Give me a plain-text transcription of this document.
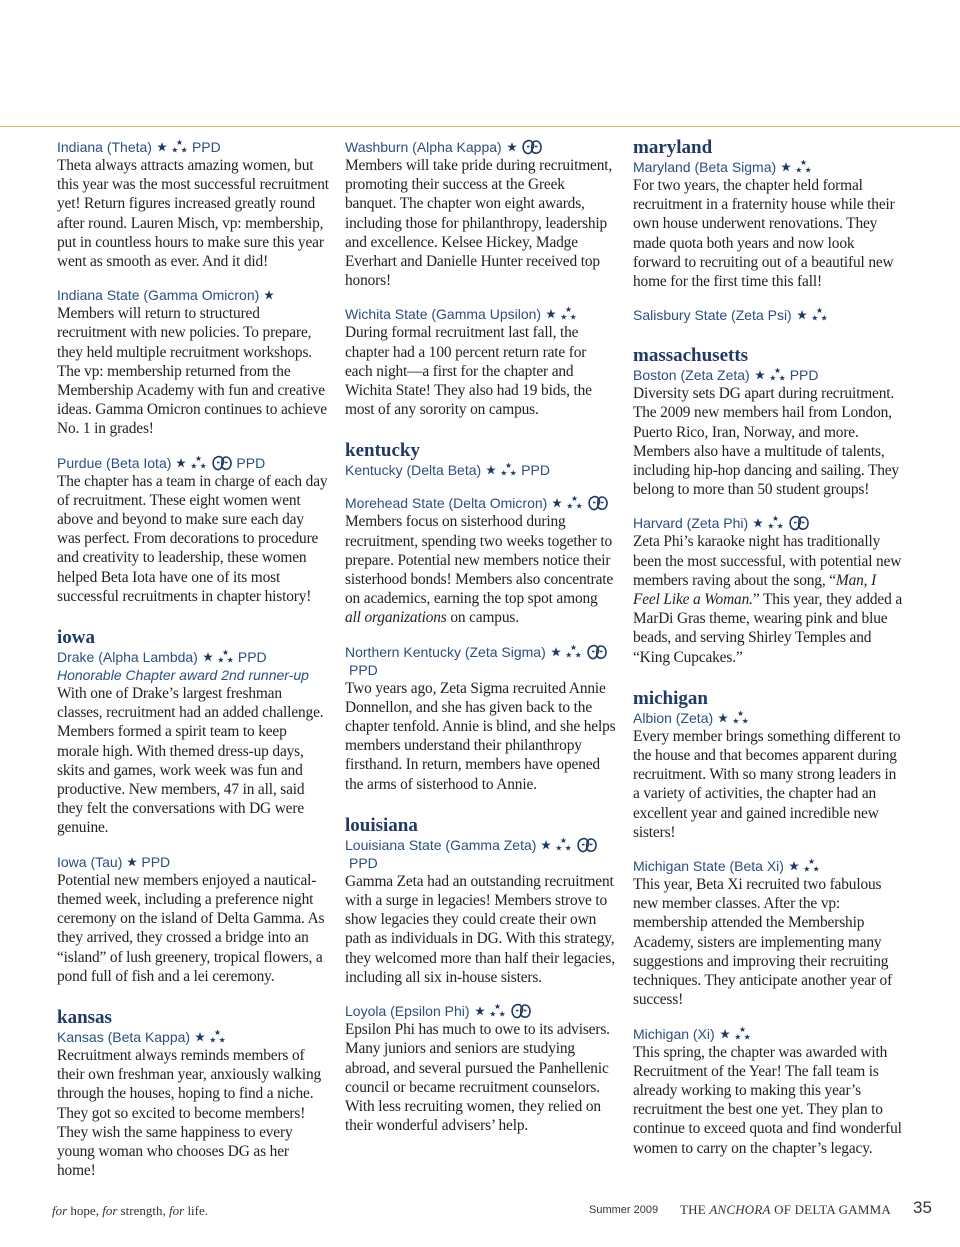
Indiana (Theta)	PPD

Theta always attracts amazing women, but this year was the most successful recruitment yet! Return figures increased greatly round after round. Lauren Misch, vp: membership, put in countless hours to make sure this year went as smooth as ever. And it did!

Indiana State (Gamma Omicron)

Members will return to structured recruitment with new policies. To prepare, they held multiple recruitment workshops. The vp: membership returned from the Membership Academy with fun and creative ideas. Gamma Omicron continues to achieve No. 1 in grades!

Purdue (Beta Iota)	PPD

The chapter has a team in charge of each day of recruitment. These eight women went above and beyond to make sure each day was perfect. From decorations to procedure and creativity to leadership, these women helped Beta Iota have one of its most successful recruitments in chapter history!

iowa
Drake (Alpha Lambda)	PPD
Honorable Chapter award 2nd runner-up

With one of Drake’s largest freshman classes, recruitment had an added challenge. Members formed a spirit team to keep morale high. With themed dress-up days, skits and games, work week was fun and productive. New members, 47 in all, said they felt the conversations with DG were genuine.

Iowa (Tau) PPD

Potential new members enjoyed a nautical-themed week, including a preference night ceremony on the island of Delta Gamma. As they arrived, they crossed a bridge into an “island” of lush greenery, tropical flowers, a pond full of fish and a lei ceremony.

kansas
Kansas (Beta Kappa)

Recruitment always reminds members of their own freshman year, anxiously walking through the houses, hoping to find a niche. They got so excited to become members! They wish the same happiness to every young woman who chooses DG as her home!

Washburn (Alpha Kappa)

Members will take pride during recruitment, promoting their success at the Greek banquet. The chapter won eight awards, including those for philanthropy, leadership and excellence. Kelsee Hickey, Madge Everhart and Danielle Hunter received top honors!

Wichita State (Gamma Upsilon)

During formal recruitment last fall, the chapter had a 100 percent return rate for each night—a first for the chapter and Wichita State! They also had 19 bids, the most of any sorority on campus.

kentucky
Kentucky (Delta Beta)	PPD
Morehead State (Delta Omicron)

Members focus on sisterhood during recruitment, spending two weeks together to prepare. Potential new members notice their sisterhood bonds! Members also concentrate on academics, earning the top spot among all organizations on campus.

Northern Kentucky (Zeta Sigma)
PPD

Two years ago, Zeta Sigma recruited Annie Donnellon, and she has given back to the chapter tenfold. Annie is blind, and she helps members understand their philanthropy firsthand. In return, members have opened the arms of sisterhood to Annie.

louisiana
Louisiana State (Gamma Zeta)
PPD

Gamma Zeta had an outstanding recruitment with a surge in legacies! Members strove to show legacies they could create their own path as individuals in DG. With this strategy, they welcomed more than half their legacies, including all six in-house sisters.

Loyola (Epsilon Phi)

Epsilon Phi has much to owe to its advisers. Many juniors and seniors are studying abroad, and several pursued the Panhellenic council or became recruitment counselors. With less recruiting women, they relied on their wonderful advisers’ help.

maryland
Maryland (Beta Sigma)

For two years, the chapter held formal recruitment in a fraternity house while their own house underwent renovations. They made quota both years and now look forward to recruiting out of a beautiful new home for the first time this fall!

Salisbury State (Zeta Psi)
massachusetts
Boston (Zeta Zeta)	PPD

Diversity sets DG apart during recruitment. The 2009 new members hail from London, Puerto Rico, Iran, Norway, and more. Members also have a multitude of talents, including hip-hop dancing and sailing. They belong to more than 50 student groups!

Harvard (Zeta Phi)

Zeta Phi’s karaoke night has traditionally been the most successful, with potential new members raving about the song, “Man, I Feel Like a Woman.” This year, they added a MarDi Gras theme, wearing pink and blue beads, and serving Shirley Temples and “King Cupcakes.”

michigan
Albion (Zeta)

Every member brings something different to the house and that becomes apparent during recruitment. With so many strong leaders in a variety of activities, the chapter had an excellent year and gained incredible new sisters!

Michigan State (Beta Xi)

This year, Beta Xi recruited two fabulous new member classes. After the vp: membership attended the Membership Academy, sisters are implementing many suggestions and improving their recruiting techniques. They anticipate another year of success!

Michigan (Xi)

This spring, the chapter was awarded with Recruitment of the Year! The fall team is already working to making this year’s recruitment the best one yet. They plan to continue to exceed quota and find wonderful women to carry on the chapter’s legacy.

for hope, for strength, for life.	Summer 2009 THE ANCHORA OF DELTA GAMMA 35
